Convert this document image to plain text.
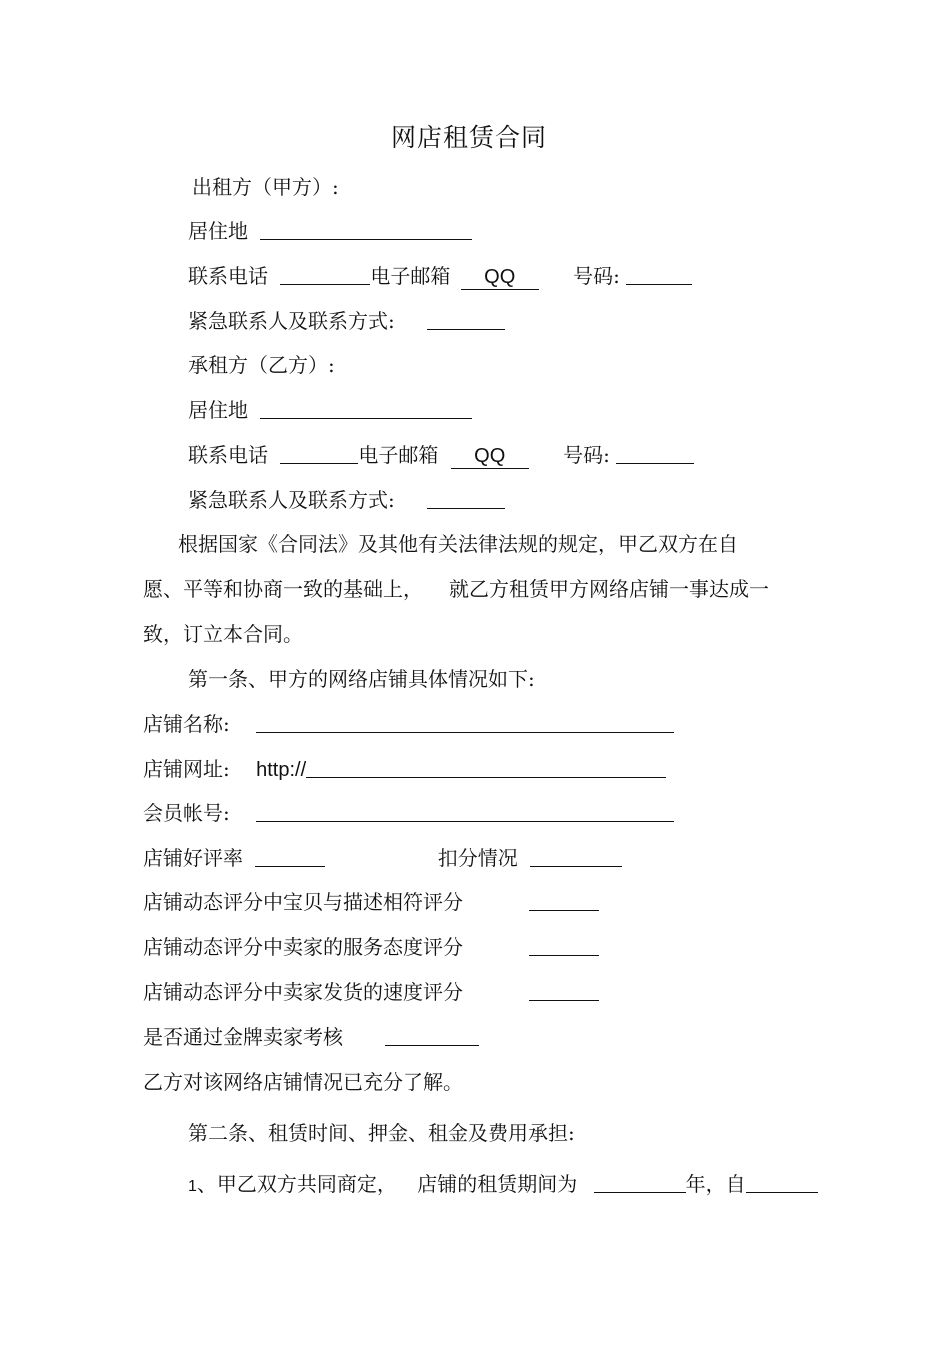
网店租赁合同
出租方（甲方）:
居住地
联系电话	电子邮箱 QQ	号码:
紧急联系人及联系方式:
承租方（乙方）:
居住地
联系电话	电子邮箱 QQ	号码:
紧急联系人及联系方式:
根据国家《合同法》及其他有关法律法规的规定，甲乙双方在自
愿、平等和协商一致的基础上， 就乙方租赁甲方网络店铺一事达成一
致，订立本合同。
第一条、甲方的网络店铺具体情况如下:
店铺名称:
店铺网址: http://
会员帐号:
店铺好评率	扣分情况
店铺动态评分中宝贝与描述相符评分
店铺动态评分中卖家的服务态度评分
店铺动态评分中卖家发货的速度评分
是否通过金牌卖家考核
乙方对该网络店铺情况已充分了解。
第二条、租赁时间、押金、租金及费用承担:
1、甲乙双方共同商定， 店铺的租赁期间为	年，自
